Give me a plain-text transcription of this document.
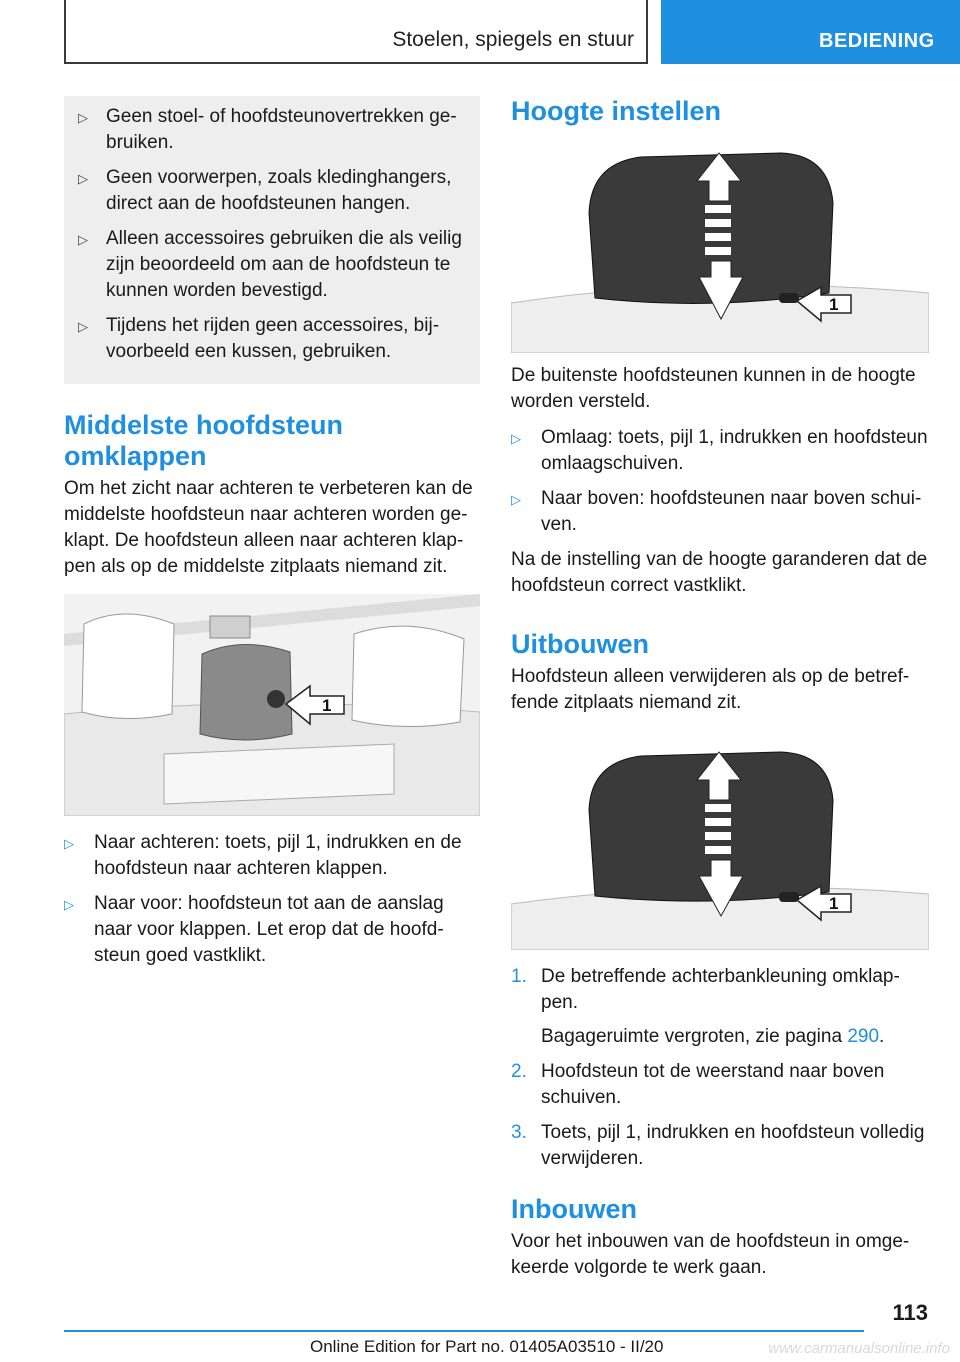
Stoelen, spiegels en stuur	BEDIENING
▷ Geen stoel- of hoofdsteunovertrekken gebruiken.
▷ Geen voorwerpen, zoals kledinghangers, direct aan de hoofdsteunen hangen.
▷ Alleen accessoires gebruiken die als veilig zijn beoordeeld om aan de hoofdsteun te kunnen worden bevestigd.
▷ Tijdens het rijden geen accessoires, bijvoorbeeld een kussen, gebruiken.
Middelste hoofdsteun omklappen

Om het zicht naar achteren te verbeteren kan de middelste hoofdsteun naar achteren worden geklapt. De hoofdsteun alleen naar achteren klappen als op de middelste zitplaats niemand zit.

1
▷ Naar achteren: toets, pijl 1, indrukken en de hoofdsteun naar achteren klappen.
▷ Naar voor: hoofdsteun tot aan de aanslag naar voor klappen. Let erop dat de hoofdsteun goed vastklikt.
Hoogte instellen
1

De buitenste hoofdsteunen kunnen in de hoogte worden versteld.

▷ Omlaag: toets, pijl 1, indrukken en hoofdsteun omlaagschuiven.
▷ Naar boven: hoofdsteunen naar boven schuiven.

Na de instelling van de hoogte garanderen dat de hoofdsteun correct vastklikt.

Uitbouwen

Hoofdsteun alleen verwijderen als op de betreffende zitplaats niemand zit.

1
1. De betreffende achterbankleuning omklappen.
Bagageruimte vergroten, zie pagina 290.
2. Hoofdsteun tot de weerstand naar boven schuiven.
3. Toets, pijl 1, indrukken en hoofdsteun volledig verwijderen.
Inbouwen

Voor het inbouwen van de hoofdsteun in omgekeerde volgorde te werk gaan.

113
Online Edition for Part no. 01405A03510 - II/20	www.carmanualsonline.info
